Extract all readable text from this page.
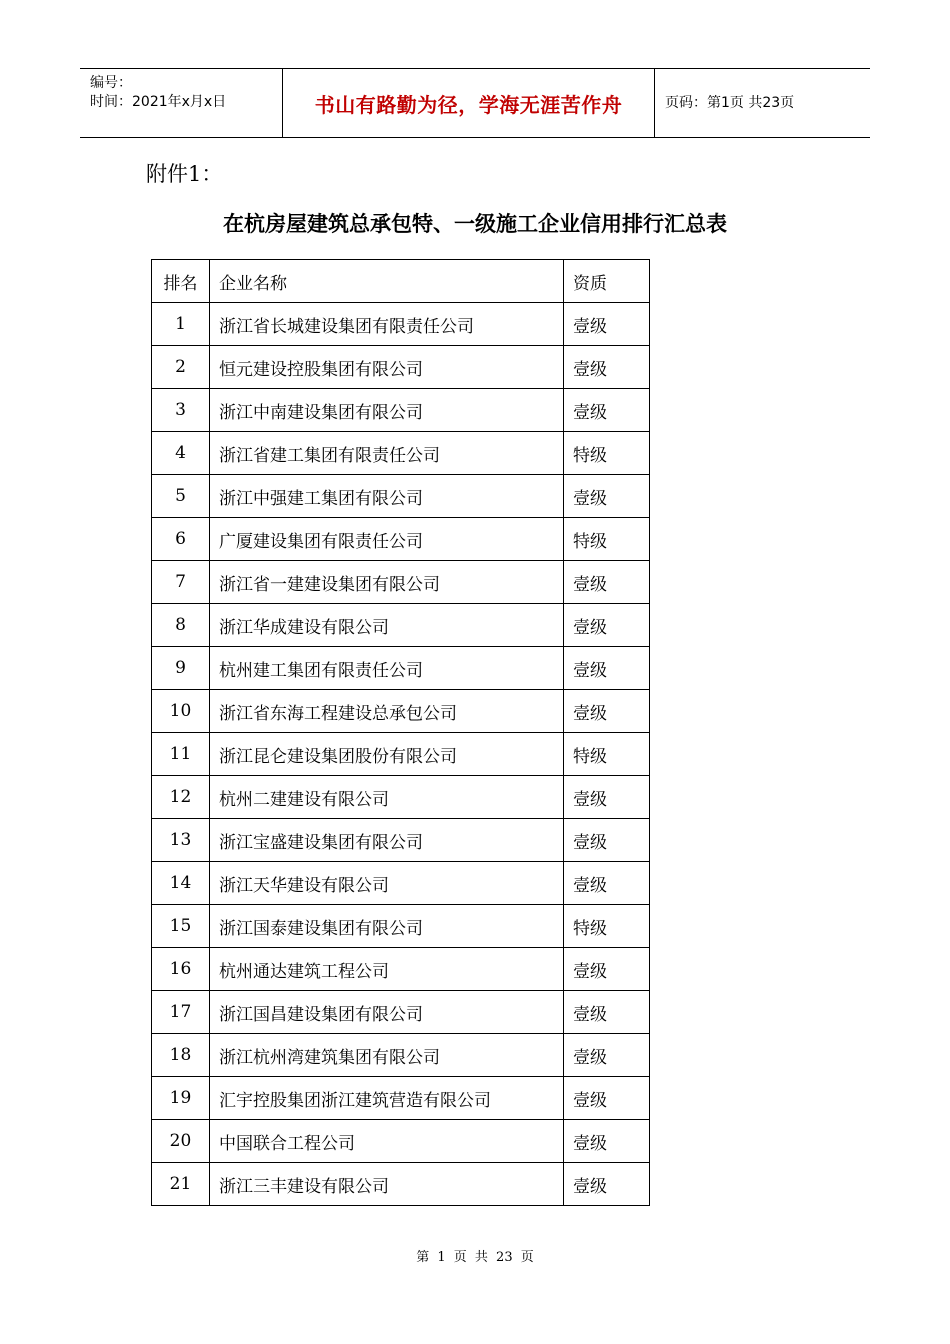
编号：
时间：2021年x月x日	书山有路勤为径，学海无涯苦作舟	页码：第1页 共23页
附件1：
在杭房屋建筑总承包特、一级施工企业信用排行汇总表
排名	企业名称	资质
1	浙江省长城建设集团有限责任公司	壹级
2	恒元建设控股集团有限公司	壹级
3	浙江中南建设集团有限公司	壹级
4	浙江省建工集团有限责任公司	特级
5	浙江中强建工集团有限公司	壹级
6	广厦建设集团有限责任公司	特级
7	浙江省一建建设集团有限公司	壹级
8	浙江华成建设有限公司	壹级
9	杭州建工集团有限责任公司	壹级
10	浙江省东海工程建设总承包公司	壹级
11	浙江昆仑建设集团股份有限公司	特级
12	杭州二建建设有限公司	壹级
13	浙江宝盛建设集团有限公司	壹级
14	浙江天华建设有限公司	壹级
15	浙江国泰建设集团有限公司	特级
16	杭州通达建筑工程公司	壹级
17	浙江国昌建设集团有限公司	壹级
18	浙江杭州湾建筑集团有限公司	壹级
19	汇宇控股集团浙江建筑营造有限公司	壹级
20	中国联合工程公司	壹级
21	浙江三丰建设有限公司	壹级
第 1 页 共 23 页
